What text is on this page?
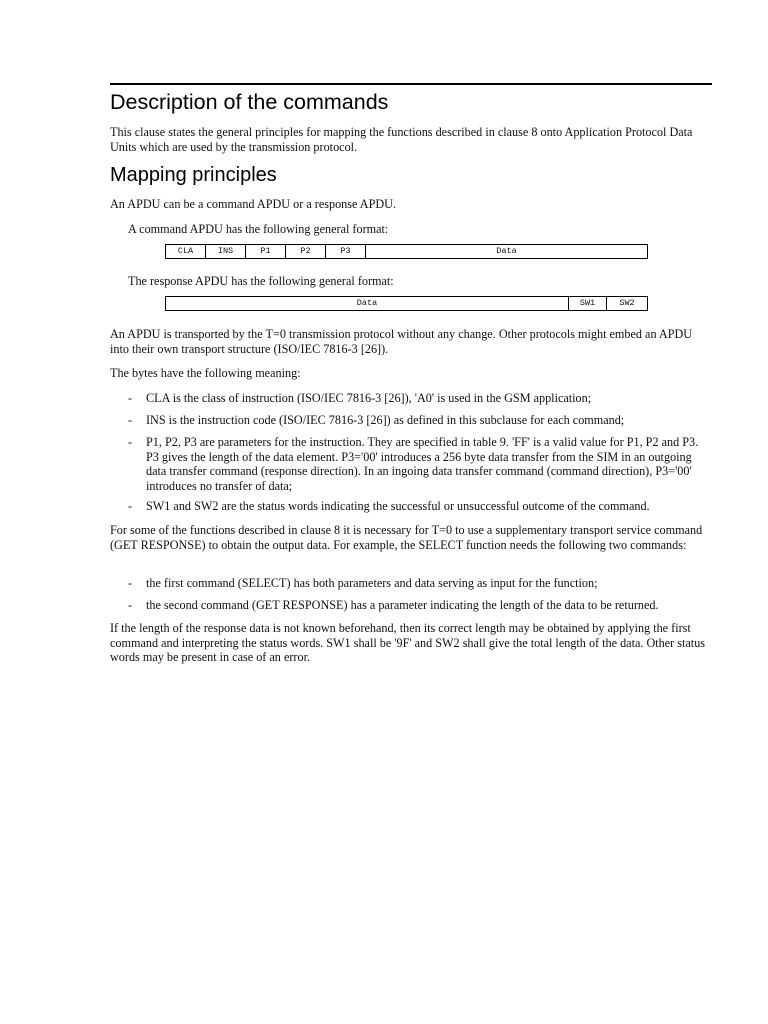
Description of the commands

This clause states the general principles for mapping the functions described in clause 8 onto Application Protocol Data Units which are used by the transmission protocol.

Mapping principles

An APDU can be a command APDU or a response APDU.

A command APDU has the following general format:

CLA	INS	P1	P2	P3	Data

The response APDU has the following general format:

Data	SW1	SW2

An APDU is transported by the T=0 transmission protocol without any change. Other protocols might embed an APDU into their own transport structure (ISO/IEC 7816-3 [26]).

The bytes have the following meaning:

- CLA is the class of instruction (ISO/IEC 7816-3 [26]), 'A0' is used in the GSM application;
- INS is the instruction code (ISO/IEC 7816-3 [26]) as defined in this subclause for each command;
- P1, P2, P3 are parameters for the instruction. They are specified in table 9. 'FF' is a valid value for P1, P2 and P3. P3 gives the length of the data element. P3='00' introduces a 256 byte data transfer from the SIM in an outgoing data transfer command (response direction). In an ingoing data transfer command (command direction), P3='00' introduces no transfer of data;
- SW1 and SW2 are the status words indicating the successful or unsuccessful outcome of the command.

For some of the functions described in clause 8 it is necessary for T=0 to use a supplementary transport service command (GET RESPONSE) to obtain the output data. For example, the SELECT function needs the following two commands:

- the first command (SELECT) has both parameters and data serving as input for the function;
- the second command (GET RESPONSE) has a parameter indicating the length of the data to be returned.

If the length of the response data is not known beforehand, then its correct length may be obtained by applying the first command and interpreting the status words. SW1 shall be '9F' and SW2 shall give the total length of the data. Other status words may be present in case of an error.
